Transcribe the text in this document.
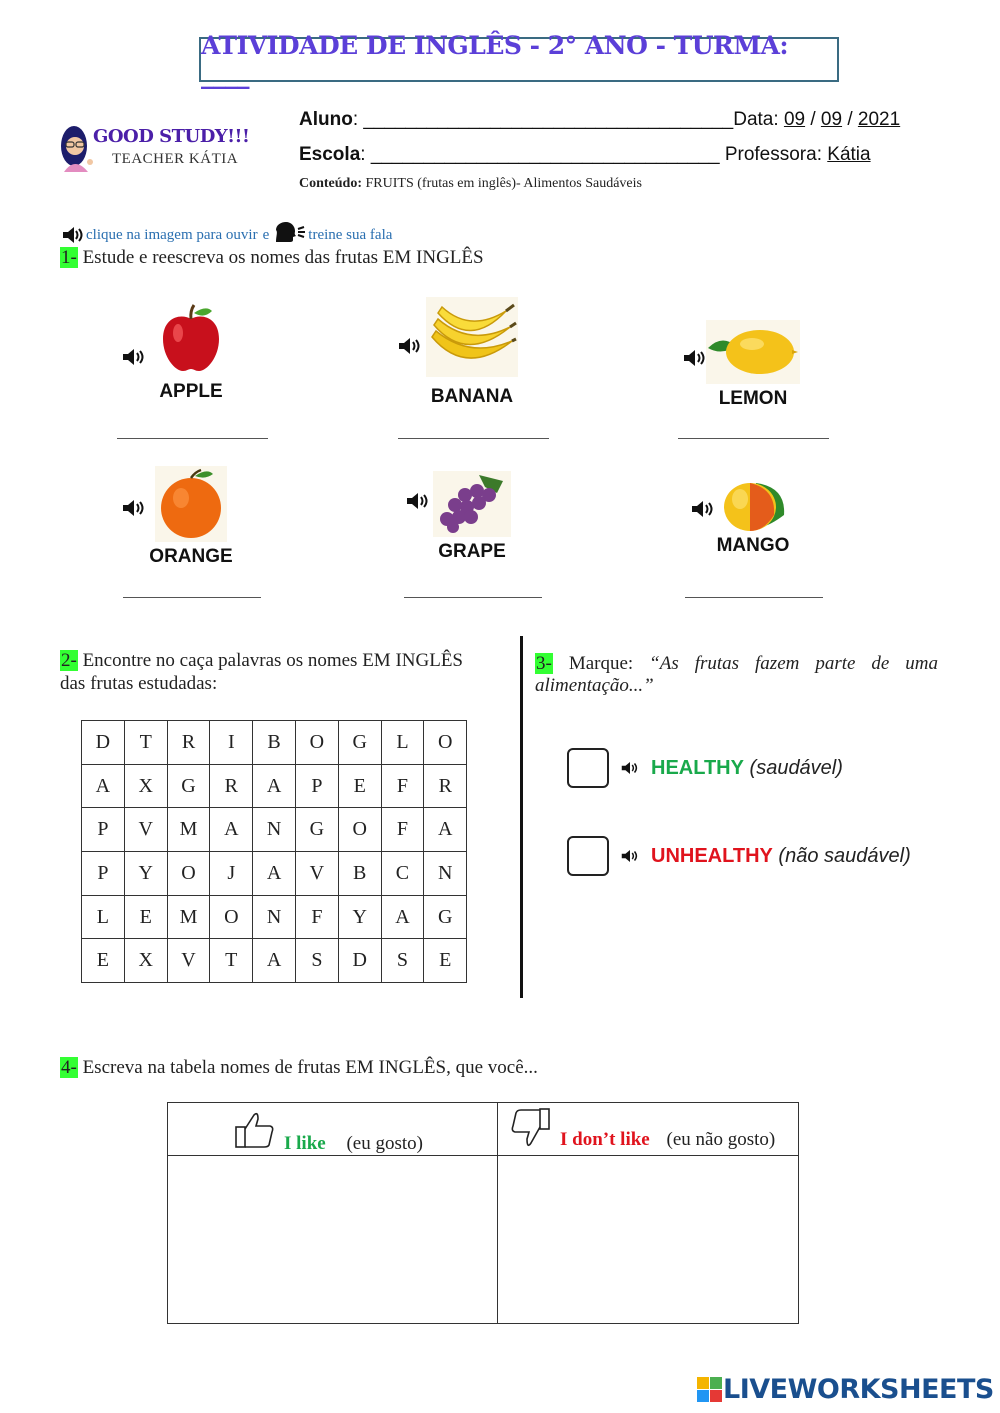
ATIVIDADE DE INGLÊS - 2° ANO - TURMA: ____
GOOD STUDY!!!
TEACHER KÁTIA
Aluno: ___________________________________Data: 09 / 09 / 2021
Escola: _________________________________ Professora: Kátia
Conteúdo: FRUITS (frutas em inglês)- Alimentos Saudáveis
clique na imagem para ouvir e	treine sua fala
1- Estude e reescreva os nomes das frutas EM INGLÊS
APPLE	BANANA	LEMON
ORANGE	GRAPE	MANGO
2- Encontre no caça palavras os nomes EM INGLÊS
das frutas estudadas:
D	T	R	I	B	O	G	L	O
A	X	G	R	A	P	E	F	R
P	V	M	A	N	G	O	F	A
P	Y	O	J	A	V	B	C	N
L	E	M	O	N	F	Y	A	G
E	X	V	T	A	S	D	S	E
3- Marque: “As frutas fazem parte de uma
alimentação...”
HEALTHY (saudável)
UNHEALTHY (não saudável)
4- Escreva na tabela nomes de frutas EM INGLÊS, que você...
I like (eu gosto)	I don’t like (eu não gosto)
LIVEWORKSHEETS
